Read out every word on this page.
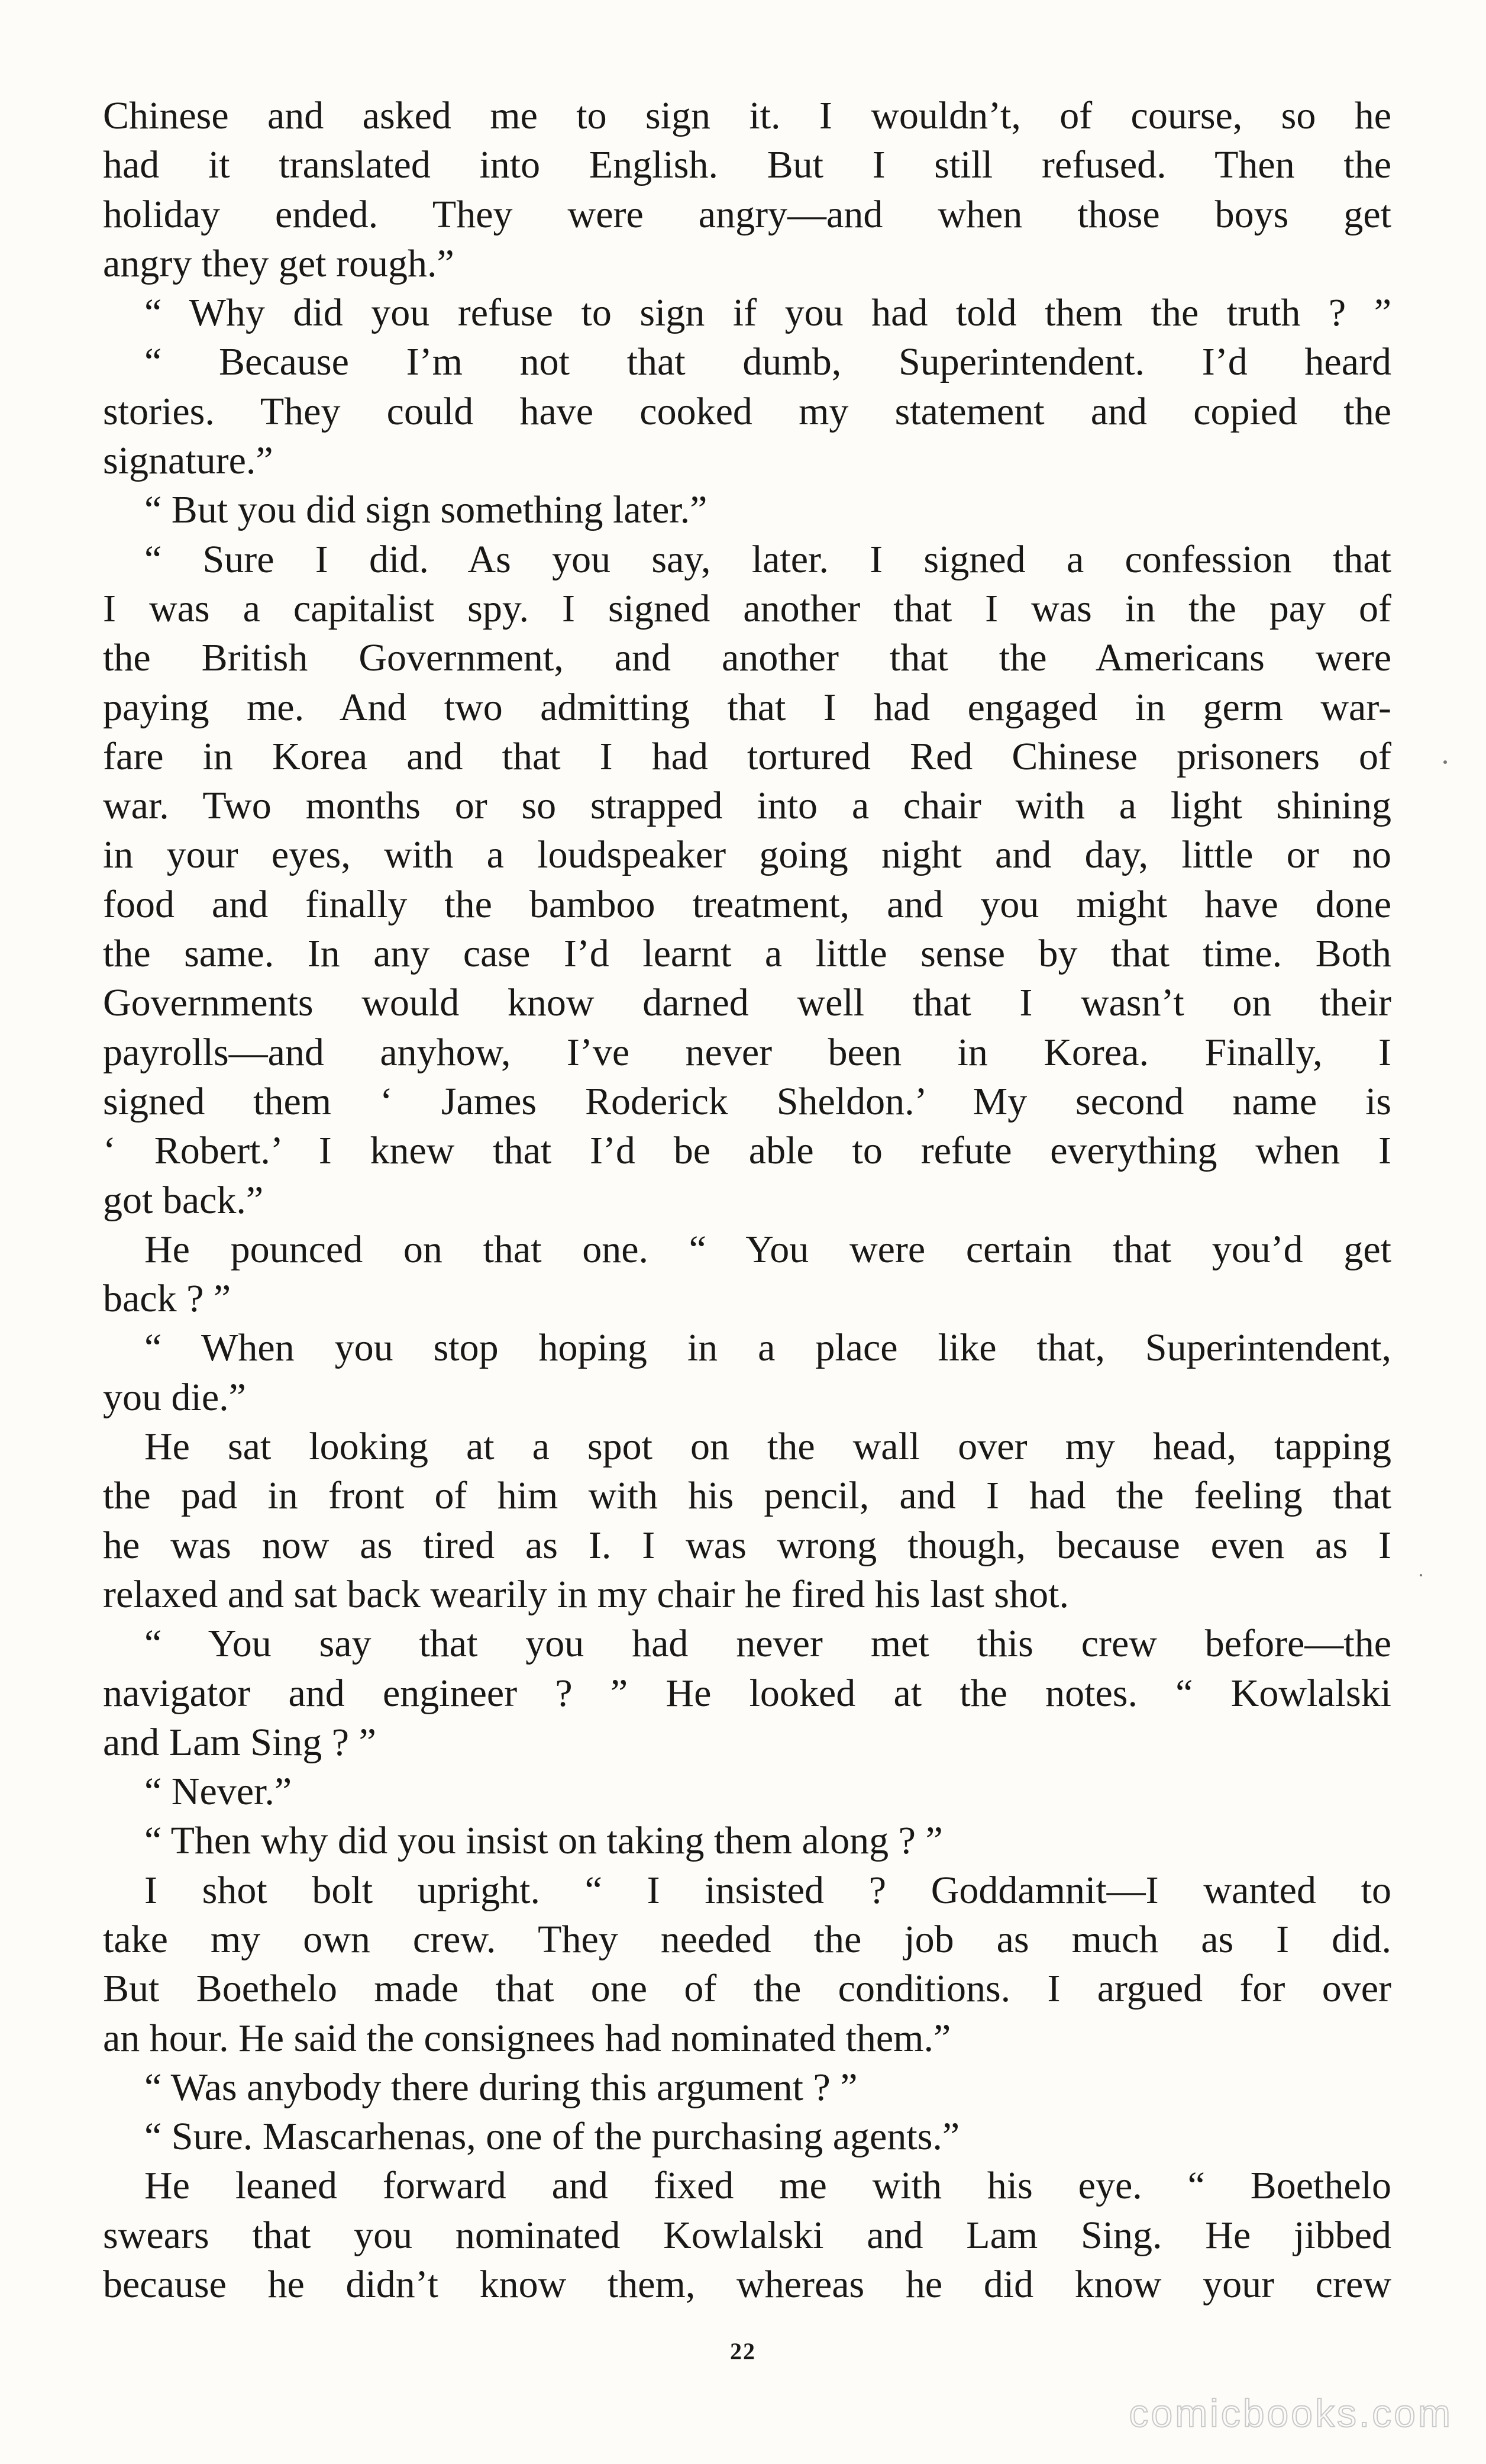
Chinese and asked me to sign it. I wouldn’t, of course, so he
had it translated into English. But I still refused. Then the
holiday ended. They were angry—and when those boys get
angry they get rough.”
“ Why did you refuse to sign if you had told them the truth ? ”
“ Because I’m not that dumb, Superintendent. I’d heard
stories. They could have cooked my statement and copied the
signature.”
“ But you did sign something later.”
“ Sure I did. As you say, later. I signed a confession that
I was a capitalist spy. I signed another that I was in the pay of
the British Government, and another that the Americans were
paying me. And two admitting that I had engaged in germ war-
fare in Korea and that I had tortured Red Chinese prisoners of
war. Two months or so strapped into a chair with a light shining
in your eyes, with a loudspeaker going night and day, little or no
food and finally the bamboo treatment, and you might have done
the same. In any case I’d learnt a little sense by that time. Both
Governments would know darned well that I wasn’t on their
payrolls—and anyhow, I’ve never been in Korea. Finally, I
signed them ‘ James Roderick Sheldon.’ My second name is
‘ Robert.’ I knew that I’d be able to refute everything when I
got back.”
He pounced on that one. “ You were certain that you’d get
back ? ”
“ When you stop hoping in a place like that, Superintendent,
you die.”
He sat looking at a spot on the wall over my head, tapping
the pad in front of him with his pencil, and I had the feeling that
he was now as tired as I. I was wrong though, because even as I
relaxed and sat back wearily in my chair he fired his last shot.
“ You say that you had never met this crew before—the
navigator and engineer ? ” He looked at the notes. “ Kowlalski
and Lam Sing ? ”
“ Never.”
“ Then why did you insist on taking them along ? ”
I shot bolt upright. “ I insisted ? Goddamnit—I wanted to
take my own crew. They needed the job as much as I did.
But Boethelo made that one of the conditions. I argued for over
an hour. He said the consignees had nominated them.”
“ Was anybody there during this argument ? ”
“ Sure. Mascarhenas, one of the purchasing agents.”
He leaned forward and fixed me with his eye. “ Boethelo
swears that you nominated Kowlalski and Lam Sing. He jibbed
because he didn’t know them, whereas he did know your crew
22
comicbooks.com
